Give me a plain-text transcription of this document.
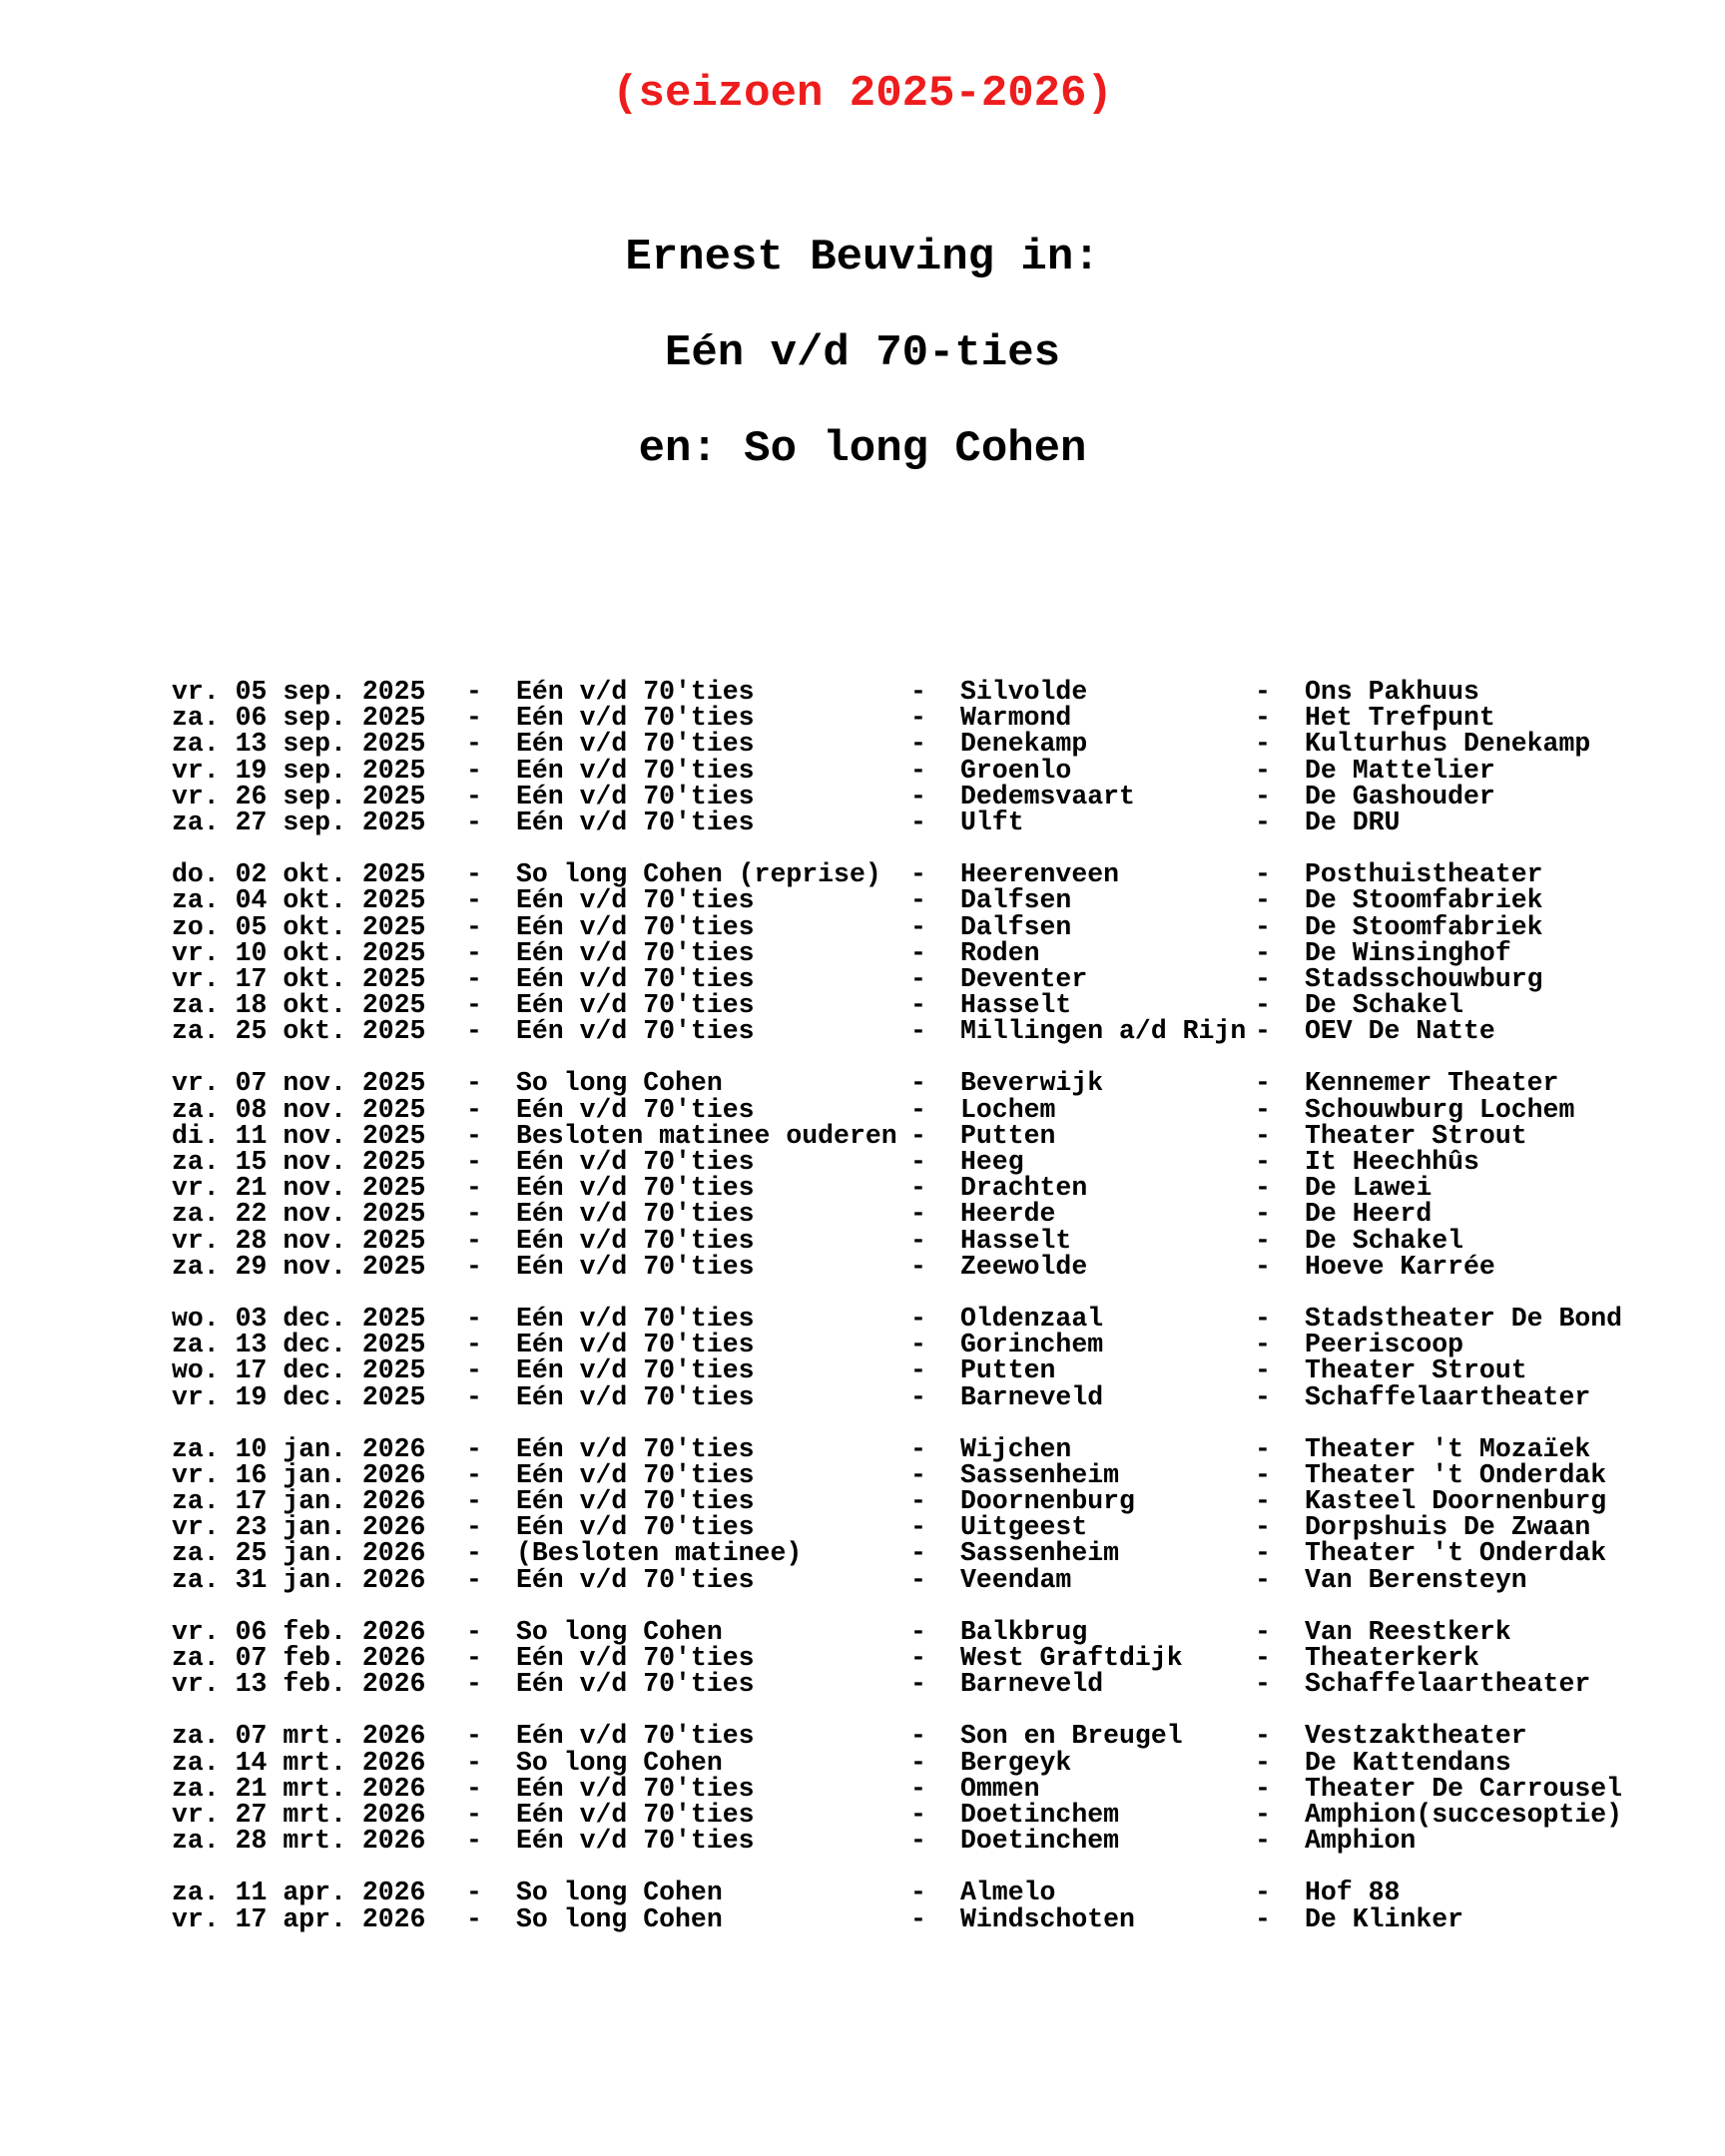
(seizoen 2025-2026)
Ernest Beuving in:
Eén v/d 70-ties
en: So long Cohen
vr. 05 sep. 2025	-	Eén v/d 70'ties	-	Silvolde	-	Ons Pakhuus
za. 06 sep. 2025	-	Eén v/d 70'ties	-	Warmond	-	Het Trefpunt
za. 13 sep. 2025	-	Eén v/d 70'ties	-	Denekamp	-	Kulturhus Denekamp
vr. 19 sep. 2025	-	Eén v/d 70'ties	-	Groenlo	-	De Mattelier
vr. 26 sep. 2025	-	Eén v/d 70'ties	-	Dedemsvaart	-	De Gashouder
za. 27 sep. 2025	-	Eén v/d 70'ties	-	Ulft	-	De DRU
do. 02 okt. 2025	-	So long Cohen (reprise)	-	Heerenveen	-	Posthuistheater
za. 04 okt. 2025	-	Eén v/d 70'ties	-	Dalfsen	-	De Stoomfabriek
zo. 05 okt. 2025	-	Eén v/d 70'ties	-	Dalfsen	-	De Stoomfabriek
vr. 10 okt. 2025	-	Eén v/d 70'ties	-	Roden	-	De Winsinghof
vr. 17 okt. 2025	-	Eén v/d 70'ties	-	Deventer	-	Stadsschouwburg
za. 18 okt. 2025	-	Eén v/d 70'ties	-	Hasselt	-	De Schakel
za. 25 okt. 2025	-	Eén v/d 70'ties	-	Millingen a/d Rijn -	OEV De Natte
vr. 07 nov. 2025	-	So long Cohen	-	Beverwijk	-	Kennemer Theater
za. 08 nov. 2025	-	Eén v/d 70'ties	-	Lochem	-	Schouwburg Lochem
di. 11 nov. 2025	-	Besloten matinee ouderen -	Putten	-	Theater Strout
za. 15 nov. 2025	-	Eén v/d 70'ties	-	Heeg	-	It Heechhûs
vr. 21 nov. 2025	-	Eén v/d 70'ties	-	Drachten	-	De Lawei
za. 22 nov. 2025	-	Eén v/d 70'ties	-	Heerde	-	De Heerd
vr. 28 nov. 2025	-	Eén v/d 70'ties	-	Hasselt	-	De Schakel
za. 29 nov. 2025	-	Eén v/d 70'ties	-	Zeewolde	-	Hoeve Karrée
wo. 03 dec. 2025	-	Eén v/d 70'ties	-	Oldenzaal	-	Stadstheater De Bond
za. 13 dec. 2025	-	Eén v/d 70'ties	-	Gorinchem	-	Peeriscoop
wo. 17 dec. 2025	-	Eén v/d 70'ties	-	Putten	-	Theater Strout
vr. 19 dec. 2025	-	Eén v/d 70'ties	-	Barneveld	-	Schaffelaartheater
za. 10 jan. 2026	-	Eén v/d 70'ties	-	Wijchen	-	Theater 't Mozaïek
vr. 16 jan. 2026	-	Eén v/d 70'ties	-	Sassenheim	-	Theater 't Onderdak
za. 17 jan. 2026	-	Eén v/d 70'ties	-	Doornenburg	-	Kasteel Doornenburg
vr. 23 jan. 2026	-	Eén v/d 70'ties	-	Uitgeest	-	Dorpshuis De Zwaan
za. 25 jan. 2026	-	(Besloten matinee)	-	Sassenheim	-	Theater 't Onderdak
za. 31 jan. 2026	-	Eén v/d 70'ties	-	Veendam	-	Van Berensteyn
vr. 06 feb. 2026	-	So long Cohen	-	Balkbrug	-	Van Reestkerk
za. 07 feb. 2026	-	Eén v/d 70'ties	-	West Graftdijk	-	Theaterkerk
vr. 13 feb. 2026	-	Eén v/d 70'ties	-	Barneveld	-	Schaffelaartheater
za. 07 mrt. 2026	-	Eén v/d 70'ties	-	Son en Breugel	-	Vestzaktheater
za. 14 mrt. 2026	-	So long Cohen	-	Bergeyk	-	De Kattendans
za. 21 mrt. 2026	-	Eén v/d 70'ties	-	Ommen	-	Theater De Carrousel
vr. 27 mrt. 2026	-	Eén v/d 70'ties	-	Doetinchem	-	Amphion(succesoptie)
za. 28 mrt. 2026	-	Eén v/d 70'ties	-	Doetinchem	-	Amphion
za. 11 apr. 2026	-	So long Cohen	-	Almelo	-	Hof 88
vr. 17 apr. 2026	-	So long Cohen	-	Windschoten	-	De Klinker
